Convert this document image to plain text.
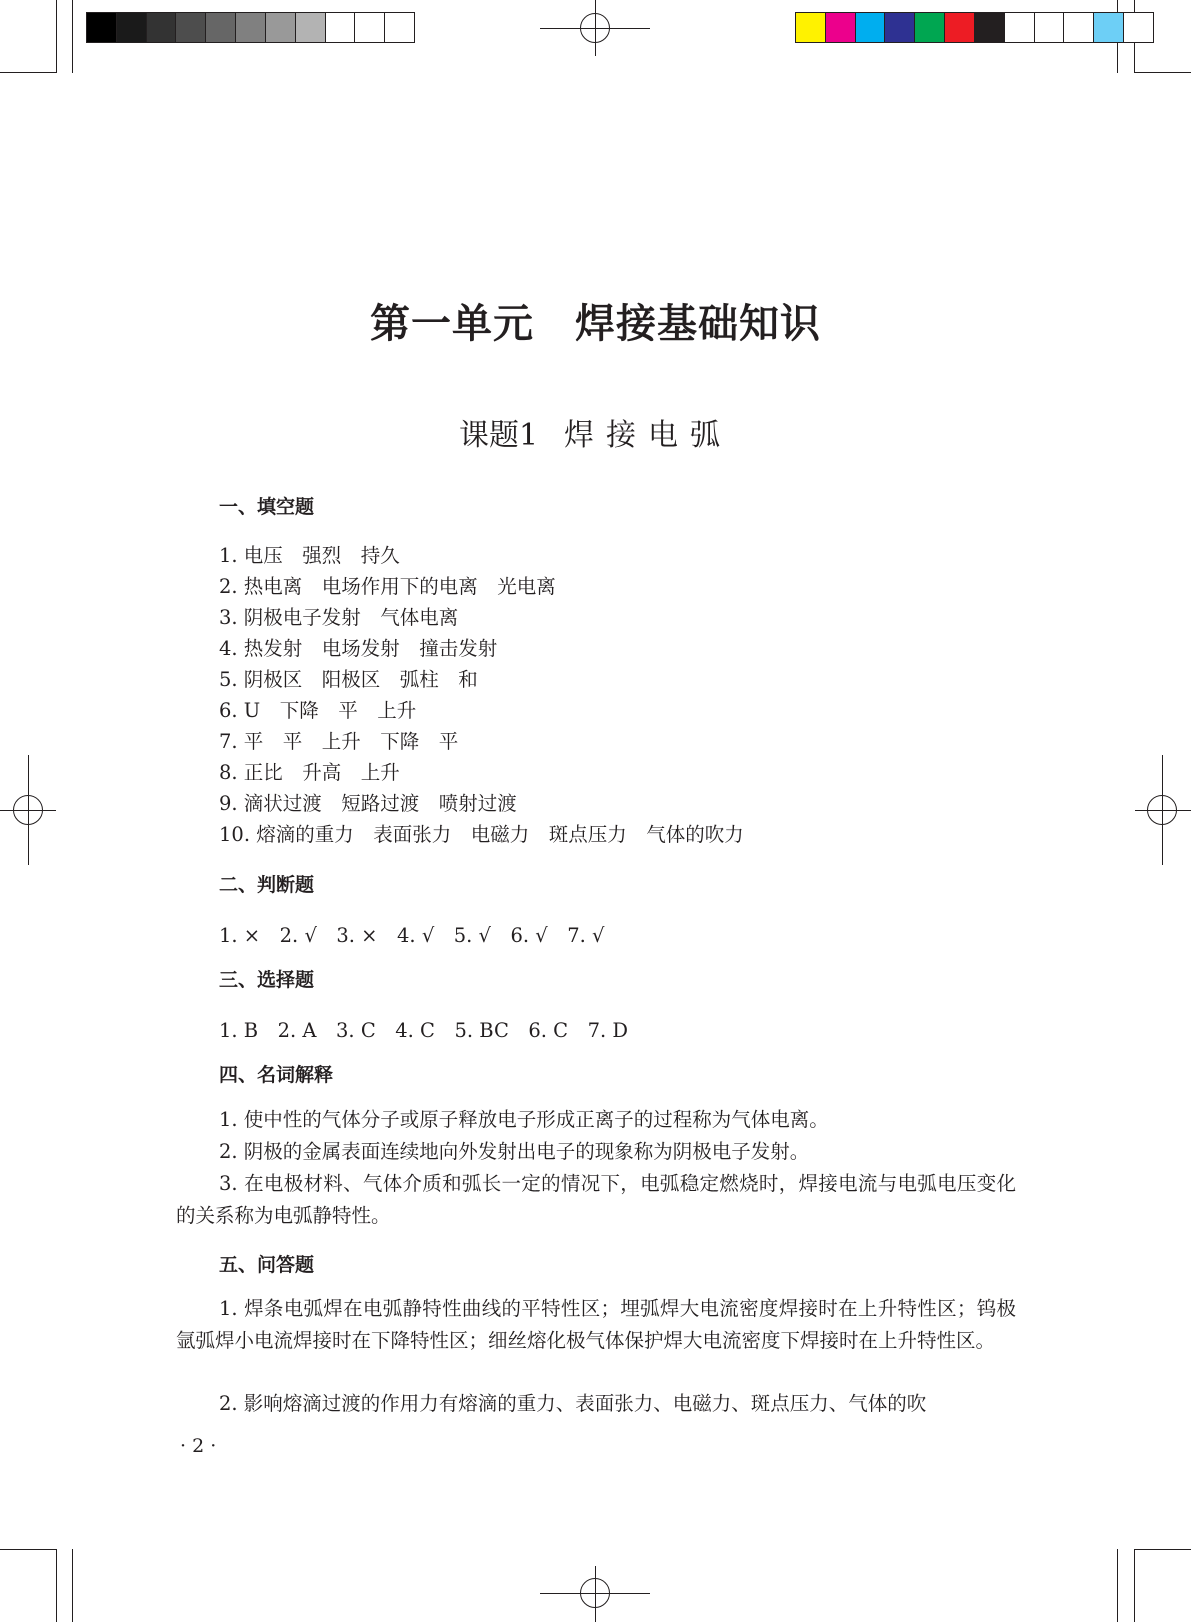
第一单元　焊接基础知识
课题1 焊接电弧
一、填空题
1. 电压　强烈　持久
2. 热电离　电场作用下的电离　光电离
3. 阴极电子发射　气体电离
4. 热发射　电场发射　撞击发射
5. 阴极区　阳极区　弧柱　和
6. U　下降　平　上升
7. 平　平　上升　下降　平
8. 正比　升高　上升
9. 滴状过渡　短路过渡　喷射过渡
10. 熔滴的重力　表面张力　电磁力　斑点压力　气体的吹力
二、判断题
1. ×　2. √　3. ×　4. √　5. √　6. √　7. √
三、选择题
1. B　2. A　3. C　4. C　5. BC　6. C　7. D
四、名词解释
1. 使中性的气体分子或原子释放电子形成正离子的过程称为气体电离。
2. 阴极的金属表面连续地向外发射出电子的现象称为阴极电子发射。
3. 在电极材料、气体介质和弧长一定的情况下，电弧稳定燃烧时，焊接电流与电弧电压变化的关系称为电弧静特性。
五、问答题
1. 焊条电弧焊在电弧静特性曲线的平特性区；埋弧焊大电流密度焊接时在上升特性区；钨极氩弧焊小电流焊接时在下降特性区；细丝熔化极气体保护焊大电流密度下焊接时在上升特性区。
2. 影响熔滴过渡的作用力有熔滴的重力、表面张力、电磁力、斑点压力、气体的吹
· 2 ·
